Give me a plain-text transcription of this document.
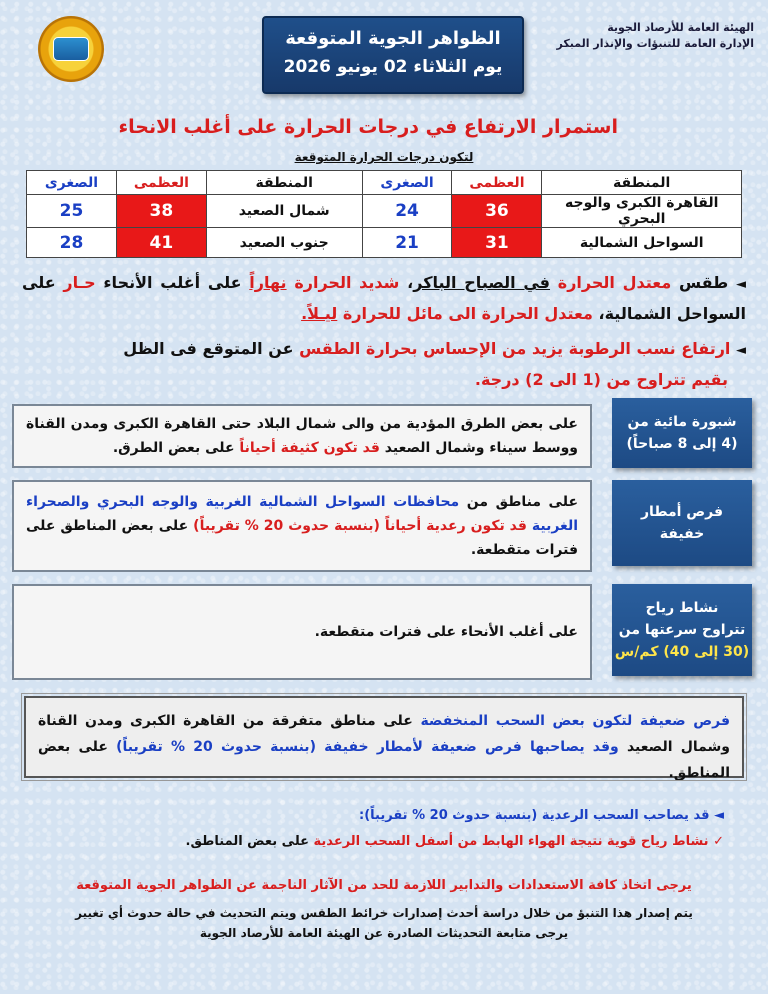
الهيئة العامة للأرصاد الجوية
الإدارة العامة للتنبؤات والإنذار المبكر
الظواهر الجوية المتوقعة
يوم الثلاثاء 02 يونيو 2026
استمرار الارتفاع في درجات الحرارة على أغلب الانحاء
لتكون درجات الحرارة المتوقعة
المنطقة	العظمى	الصغرى	المنطقة	العظمى	الصغرى
القاهرة الكبرى والوجه البحري	36	24	شمال الصعيد	38	25
السواحل الشمالية	31	21	جنوب الصعيد	41	28
◄ طقس معتدل الحرارة في الصباح الباكر، شديد الحرارة نهاراً على أغلب الأنحاء حـار على السواحل الشمالية، معتدل الحرارة الى مائل للحرارة ليـلاً.
◄ ارتفاع نسب الرطوبة يزيد من الإحساس بحرارة الطقس عن المتوقع فى الظل
بقيم تتراوح من (1 الى 2) درجة.
شبورة مائية من
(4 إلى 8 صباحاً)
على بعض الطرق المؤدية من والى شمال البلاد حتى القاهرة الكبرى ومدن القناة ووسط سيناء وشمال الصعيد قد تكون كثيفة أحياناً على بعض الطرق.
فرص أمطار
خفيفة
على مناطق من محافظات السواحل الشمالية الغربية والوجه البحري والصحراء الغربية قد تكون رعدية أحياناً (بنسبة حدوث 20 % تقريباً) على بعض المناطق على فترات متقطعة.
نشاط رياح
تتراوح سرعتها من
(30 إلى 40) كم/س
على أغلب الأنحاء على فترات متقطعة.
فرص ضعيفة لتكون بعض السحب المنخفضة على مناطق متفرقة من القاهرة الكبرى ومدن القناة وشمال الصعيد وقد يصاحبها فرص ضعيفة لأمطار خفيفة (بنسبة حدوث 20 % تقريباً) على بعض المناطق.
◄ قد يصاحب السحب الرعدية (بنسبة حدوث 20 % تقريباً):
✓ نشاط رياح قوية نتيجة الهواء الهابط من أسفل السحب الرعدية على بعض المناطق.
يرجى اتخاذ كافة الاستعدادات والتدابير اللازمة للحد من الآثار الناجمة عن الظواهر الجوية المتوقعة
يتم إصدار هذا التنبؤ من خلال دراسة أحدث إصدارات خرائط الطقس ويتم التحديث في حالة حدوث أي تغيير
يرجى متابعة التحديثات الصادرة عن الهيئة العامة للأرصاد الجوية
